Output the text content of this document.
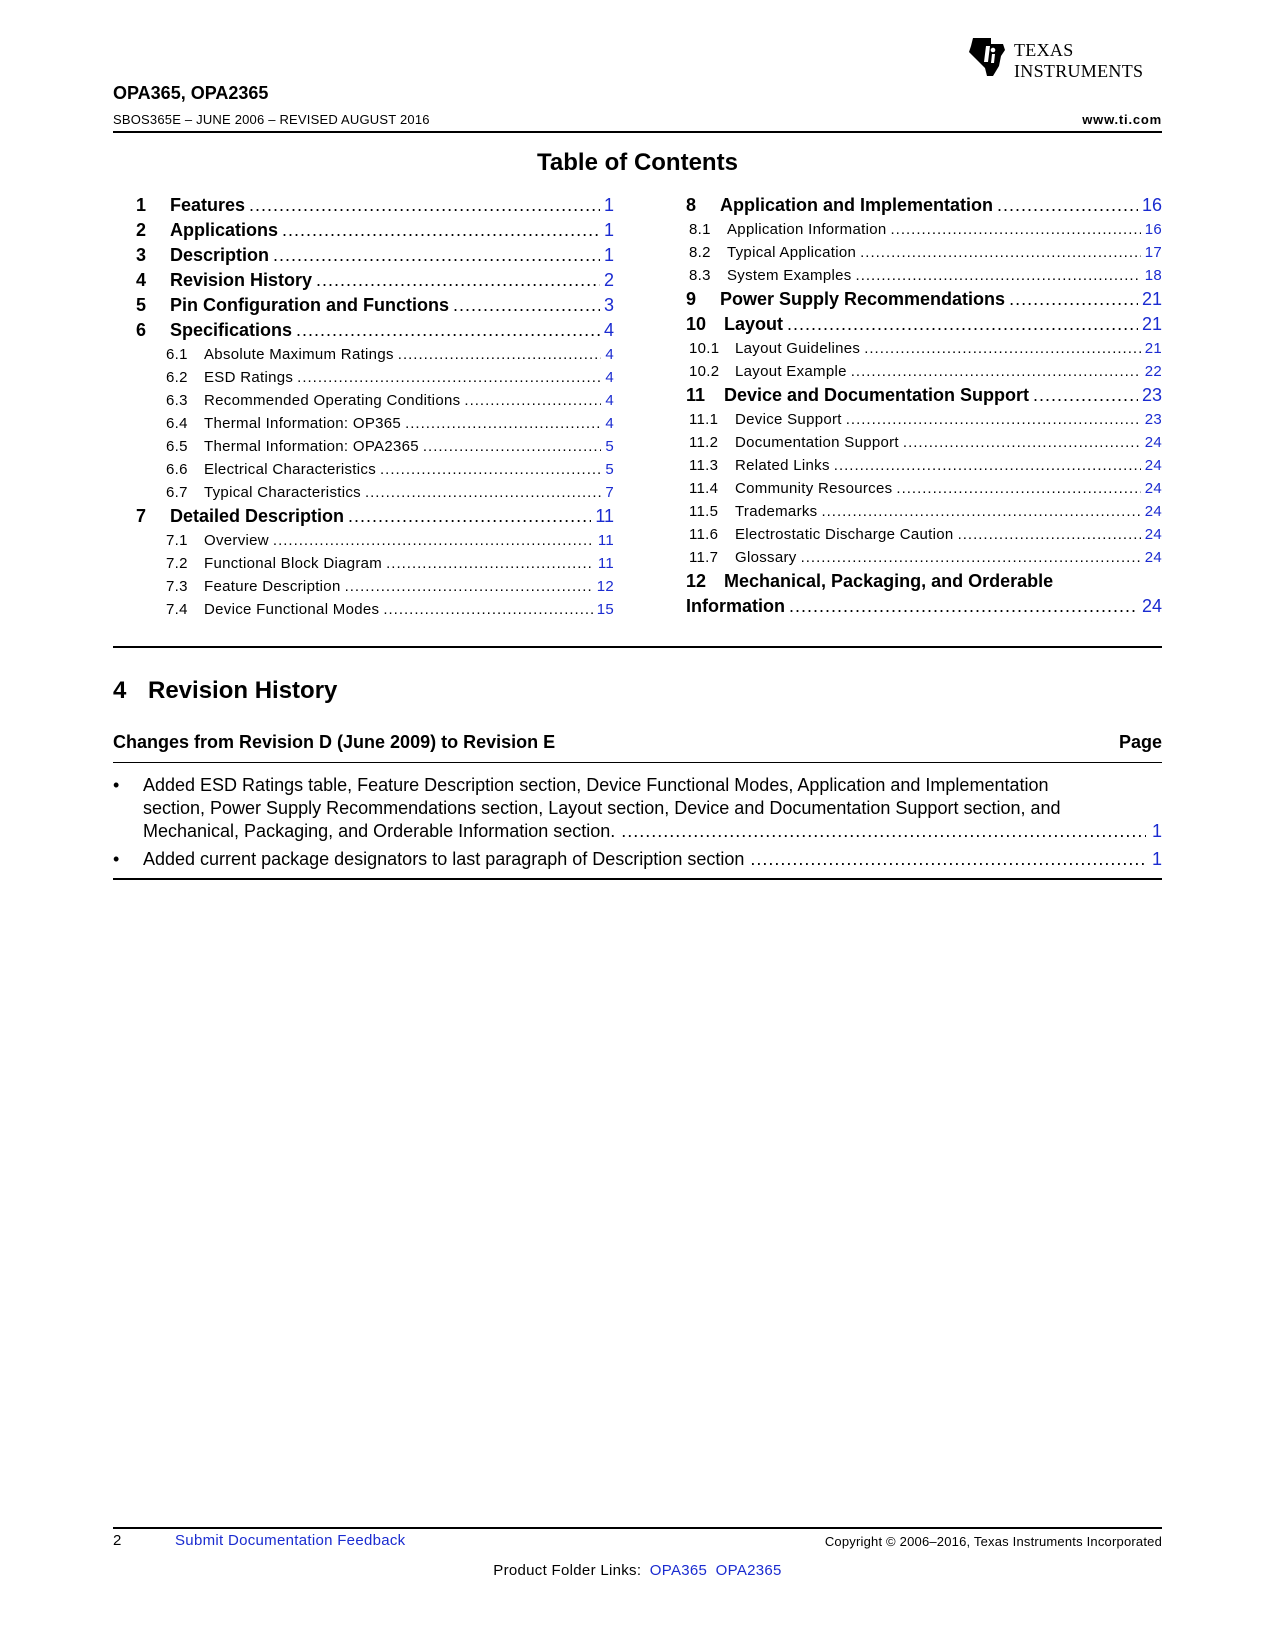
TEXAS
INSTRUMENTS
OPA365, OPA2365
SBOS365E – JUNE 2006 – REVISED AUGUST 2016	www.ti.com
Table of Contents
1	Features .....	1
2	Applications .....	1
3	Description .....	1
4	Revision History .....	2
5	Pin Configuration and Functions .....	3
6	Specifications .....	4
6.1	Absolute Maximum Ratings .....	4
6.2	ESD Ratings .....	4
6.3	Recommended Operating Conditions .....	4
6.4	Thermal Information: OP365 .....	4
6.5	Thermal Information: OPA2365 .....	5
6.6	Electrical Characteristics .....	5
6.7	Typical Characteristics .....	7
7	Detailed Description .....	11
7.1	Overview .....	11
7.2	Functional Block Diagram .....	11
7.3	Feature Description .....	12
7.4	Device Functional Modes .....	15
8	Application and Implementation .....	16
8.1	Application Information .....	16
8.2	Typical Application .....	17
8.3	System Examples .....	18
9	Power Supply Recommendations .....	21
10 Layout .....	21
10.1	Layout Guidelines .....	21
10.2	Layout Example .....	22
11	Device and Documentation Support .....	23
11.1	Device Support .....	23
11.2	Documentation Support .....	24
11.3	Related Links .....	24
11.4	Community Resources .....	24
11.5	Trademarks .....	24
11.6	Electrostatic Discharge Caution .....	24
11.7	Glossary .....	24
12 Mechanical, Packaging, and Orderable
Information .....	24
4 Revision History
Changes from Revision D (June 2009) to Revision E	Page
• Added ESD Ratings table, Feature Description section, Device Functional Modes, Application and Implementation
section, Power Supply Recommendations section, Layout section, Device and Documentation Support section, and
Mechanical, Packaging, and Orderable Information section. .....	1
• Added current package designators to last paragraph of Description section .....	1
2	Submit Documentation Feedback	Copyright © 2006–2016, Texas Instruments Incorporated
Product Folder Links: OPA365 OPA2365
